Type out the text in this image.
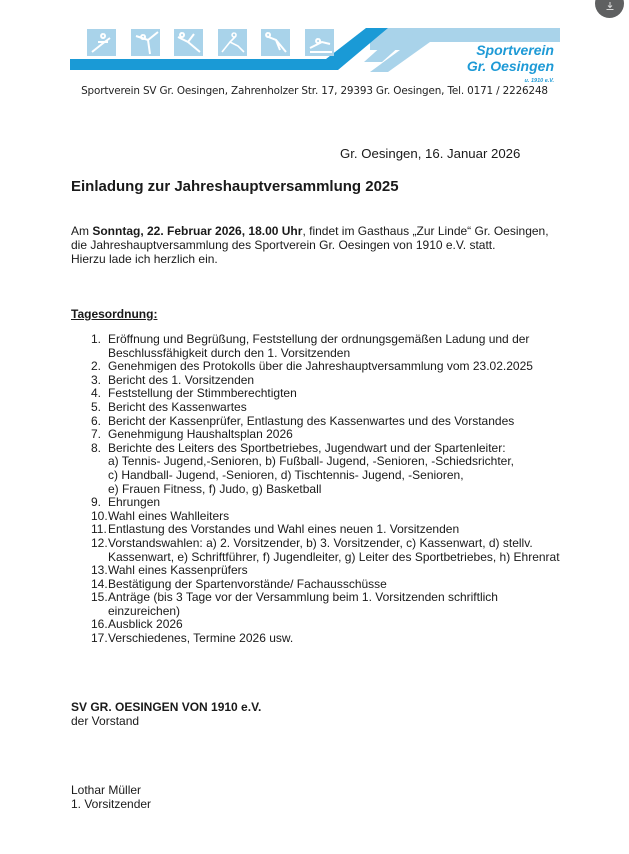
Sportverein
Gr. Oesingen
u. 1910 e.V.
Sportverein SV Gr. Oesingen, Zahrenholzer Str. 17, 29393 Gr. Oesingen, Tel. 0171 / 2226248
Gr. Oesingen, 16. Januar 2026
Einladung zur Jahreshauptversammlung 2025
Am Sonntag, 22. Februar 2026, 18.00 Uhr, findet im Gasthaus „Zur Linde“ Gr. Oesingen,
die Jahreshauptversammlung des Sportverein Gr. Oesingen von 1910 e.V. statt.
Hierzu lade ich herzlich ein.
Tagesordnung:
1. Eröffnung und Begrüßung, Feststellung der ordnungsgemäßen Ladung und der
Beschlussfähigkeit durch den 1. Vorsitzenden
2. Genehmigen des Protokolls über die Jahreshauptversammlung vom 23.02.2025
3. Bericht des 1. Vorsitzenden
4. Feststellung der Stimmberechtigten
5. Bericht des Kassenwartes
6. Bericht der Kassenprüfer, Entlastung des Kassenwartes und des Vorstandes
7. Genehmigung Haushaltsplan 2026
8. Berichte des Leiters des Sportbetriebes, Jugendwart und der Spartenleiter:
a) Tennis- Jugend,-Senioren, b) Fußball- Jugend, -Senioren, -Schiedsrichter,
c) Handball- Jugend, -Senioren, d) Tischtennis- Jugend, -Senioren,
e) Frauen Fitness, f) Judo, g) Basketball
9. Ehrungen
10. Wahl eines Wahlleiters
11. Entlastung des Vorstandes und Wahl eines neuen 1. Vorsitzenden
12. Vorstandswahlen: a) 2. Vorsitzender, b) 3. Vorsitzender, c) Kassenwart, d) stellv.
Kassenwart, e) Schriftführer, f) Jugendleiter, g) Leiter des Sportbetriebes, h) Ehrenrat
13. Wahl eines Kassenprüfers
14. Bestätigung der Spartenvorstände/ Fachausschüsse
15. Anträge (bis 3 Tage vor der Versammlung beim 1. Vorsitzenden schriftlich
einzureichen)
16. Ausblick 2026
17. Verschiedenes, Termine 2026 usw.
SV GR. OESINGEN VON 1910 e.V.
der Vorstand
Lothar Müller
1. Vorsitzender
